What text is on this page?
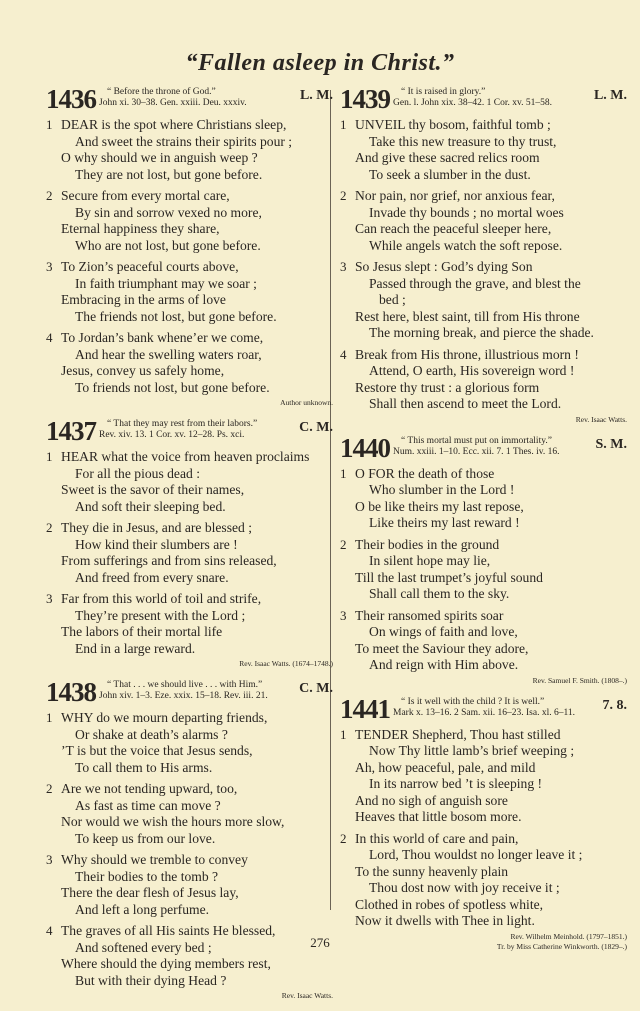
“Fallen asleep in Christ.”
1436	“ Before the throne of God.”
John xi. 30–38. Gen. xxiii. Deu. xxxiv.	L. M.
1 DEAR is the spot where Christians sleep,
And sweet the strains their spirits pour ;
O why should we in anguish weep ?
They are not lost, but gone before.
2 Secure from every mortal care,
By sin and sorrow vexed no more,
Eternal happiness they share,
Who are not lost, but gone before.
3 To Zion’s peaceful courts above,
In faith triumphant may we soar ;
Embracing in the arms of love
The friends not lost, but gone before.
4 To Jordan’s bank whene’er we come,
And hear the swelling waters roar,
Jesus, convey us safely home,
To friends not lost, but gone before.
Author unknown.
1437	“ That they may rest from their labors.”
Rev. xiv. 13. 1 Cor. xv. 12–28. Ps. xci.	C. M.
1 HEAR what the voice from heaven proclaims
For all the pious dead :
Sweet is the savor of their names,
And soft their sleeping bed.
2 They die in Jesus, and are blessed ;
How kind their slumbers are !
From sufferings and from sins released,
And freed from every snare.
3 Far from this world of toil and strife,
They’re present with the Lord ;
The labors of their mortal life
End in a large reward.
Rev. Isaac Watts. (1674–1748.)
1438	“ That . . . we should live . . . with Him.”
John xiv. 1–3. Eze. xxix. 15–18. Rev. iii. 21.	C. M.
1 WHY do we mourn departing friends,
Or shake at death’s alarms ?
’T is but the voice that Jesus sends,
To call them to His arms.
2 Are we not tending upward, too,
As fast as time can move ?
Nor would we wish the hours more slow,
To keep us from our love.
3 Why should we tremble to convey
Their bodies to the tomb ?
There the dear flesh of Jesus lay,
And left a long perfume.
4 The graves of all His saints He blessed,
And softened every bed ;
Where should the dying members rest,
But with their dying Head ?
Rev. Isaac Watts.
1439	“ It is raised in glory.”
Gen. l. John xix. 38–42. 1 Cor. xv. 51–58.	L. M.
1 UNVEIL thy bosom, faithful tomb ;
Take this new treasure to thy trust,
And give these sacred relics room
To seek a slumber in the dust.
2 Nor pain, nor grief, nor anxious fear,
Invade thy bounds ; no mortal woes
Can reach the peaceful sleeper here,
While angels watch the soft repose.
3 So Jesus slept : God’s dying Son
Passed through the grave, and blest the
bed ;
Rest here, blest saint, till from His throne
The morning break, and pierce the shade.
4 Break from His throne, illustrious morn !
Attend, O earth, His sovereign word !
Restore thy trust : a glorious form
Shall then ascend to meet the Lord.
Rev. Isaac Watts.
1440	“ This mortal must put on immortality.”
Num. xxiii. 1–10. Ecc. xii. 7. 1 Thes. iv. 16.	S. M.
1 O FOR the death of those
Who slumber in the Lord !
O be like theirs my last repose,
Like theirs my last reward !
2 Their bodies in the ground
In silent hope may lie,
Till the last trumpet’s joyful sound
Shall call them to the sky.
3 Their ransomed spirits soar
On wings of faith and love,
To meet the Saviour they adore,
And reign with Him above.
Rev. Samuel F. Smith. (1808–.)
1441	“ Is it well with the child ? It is well.”
Mark x. 13–16. 2 Sam. xii. 16–23. Isa. xl. 6–11.	7. 8.
1 TENDER Shepherd, Thou hast stilled
Now Thy little lamb’s brief weeping ;
Ah, how peaceful, pale, and mild
In its narrow bed ’t is sleeping !
And no sigh of anguish sore
Heaves that little bosom more.
2 In this world of care and pain,
Lord, Thou wouldst no longer leave it ;
To the sunny heavenly plain
Thou dost now with joy receive it ;
Clothed in robes of spotless white,
Now it dwells with Thee in light.
Rev. Wilhelm Meinhold. (1797–1851.)
Tr. by Miss Catherine Winkworth. (1829–.)
276
